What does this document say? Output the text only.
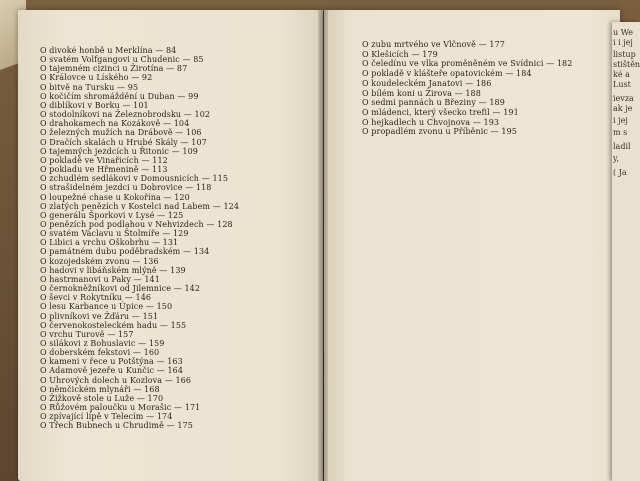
O divoké honbě u Merklína — 84
O svatém Volfgangovi u Chudenic — 85
O tajemném cizinci u Žirotína — 87
O Královce u Líského — 92
O bitvě na Tursku — 95
O kočičím shromáždění u Duban — 99
O diblíkovi v Borku — 101
O stodolníkovi na Železnobrodsku — 102
O drahokamech na Kozákově — 104
O železných mužích na Drábově — 106
O Dračích skalách u Hrubé Skály — 107
O tajemných jezdcích u Řitonic — 109
O pokladě ve Vinařicích — 112
O pokladu ve Hřmenině — 113
O zchudlém sedlákovi v Domousnicích — 115
O strašidelném jezdci u Dobrovice — 118
O loupežné chase u Kokořína — 120
O zlatých penězích v Kostelci nad Labem — 124
O generálu Šporkovi v Lysé — 125
O penězích pod podlahou v Nehvizdech — 128
O svatém Václavu u Štolmíře — 129
O Libici a vrchu Oškobrhu — 131
O památném dubu poděbradském — 134
O kozojedském zvonu — 136
O hadovi v libáňském mlýně — 139
O hastrmanovi u Paky — 141
O černokněžníkovi od Jilemnice — 142
O ševci v Rokytníku — 146
O lesu Karbance u Úpice — 150
O plivníkovi ve Žďáru — 151
O červenokosteleckém hadu — 155
O vrchu Turově — 157
O silákovi z Bohuslavic — 159
O doberském fekstovi — 160
O kameni v řece u Potštýna — 163
O Adamově jezeře u Kunčic — 164
O Uhrových dolech u Kozlova — 166
O němčickém mlynáři — 168
O Žižkově stole u Luže — 170
O Růžovém paloučku u Morašic — 171
O zpívající lípě v Telecím — 174
O Třech Bubnech u Chrudimě — 175
O zubu mrtvého ve Vlčnově — 177
O Klešicích — 179
O čeledínu ve vlka proměněném ve Svídnici — 182
O pokladě v klášteře opatovickém — 184
O koudeleckém Janatovi — 186
O bílém koni u Žirova — 188
O sedmi pannách u Březiny — 189
O mládenci, který všecko trefil — 191
O hejkadlech u Chvojnova — 193
O propadlém zvonu u Příběnic — 195
u We
i i jej
listup
stištěn
ké a
Lust
ievza
ak je
i jej
m s
ladil
y,
( Ja
